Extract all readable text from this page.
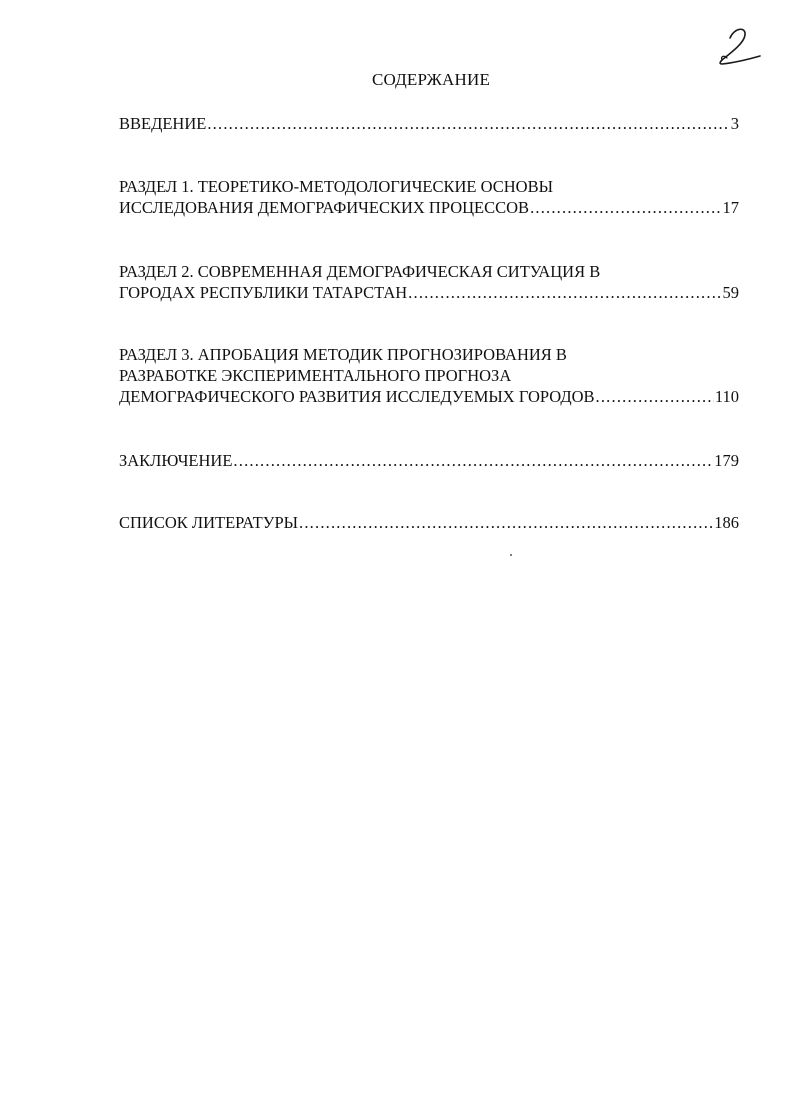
СОДЕРЖАНИЕ
ВВЕДЕНИЕ .....	3
РАЗДЕЛ 1. ТЕОРЕТИКО-МЕТОДОЛОГИЧЕСКИЕ ОСНОВЫ
ИССЛЕДОВАНИЯ ДЕМОГРАФИЧЕСКИХ ПРОЦЕССОВ .....	17
РАЗДЕЛ 2. СОВРЕМЕННАЯ ДЕМОГРАФИЧЕСКАЯ СИТУАЦИЯ В
ГОРОДАХ РЕСПУБЛИКИ ТАТАРСТАН .....	59
РАЗДЕЛ 3. АПРОБАЦИЯ МЕТОДИК ПРОГНОЗИРОВАНИЯ В
РАЗРАБОТКЕ ЭКСПЕРИМЕНТАЛЬНОГО ПРОГНОЗА
ДЕМОГРАФИЧЕСКОГО РАЗВИТИЯ ИССЛЕДУЕМЫХ ГОРОДОВ .....	110
ЗАКЛЮЧЕНИЕ .....	179
СПИСОК ЛИТЕРАТУРЫ .....	186
